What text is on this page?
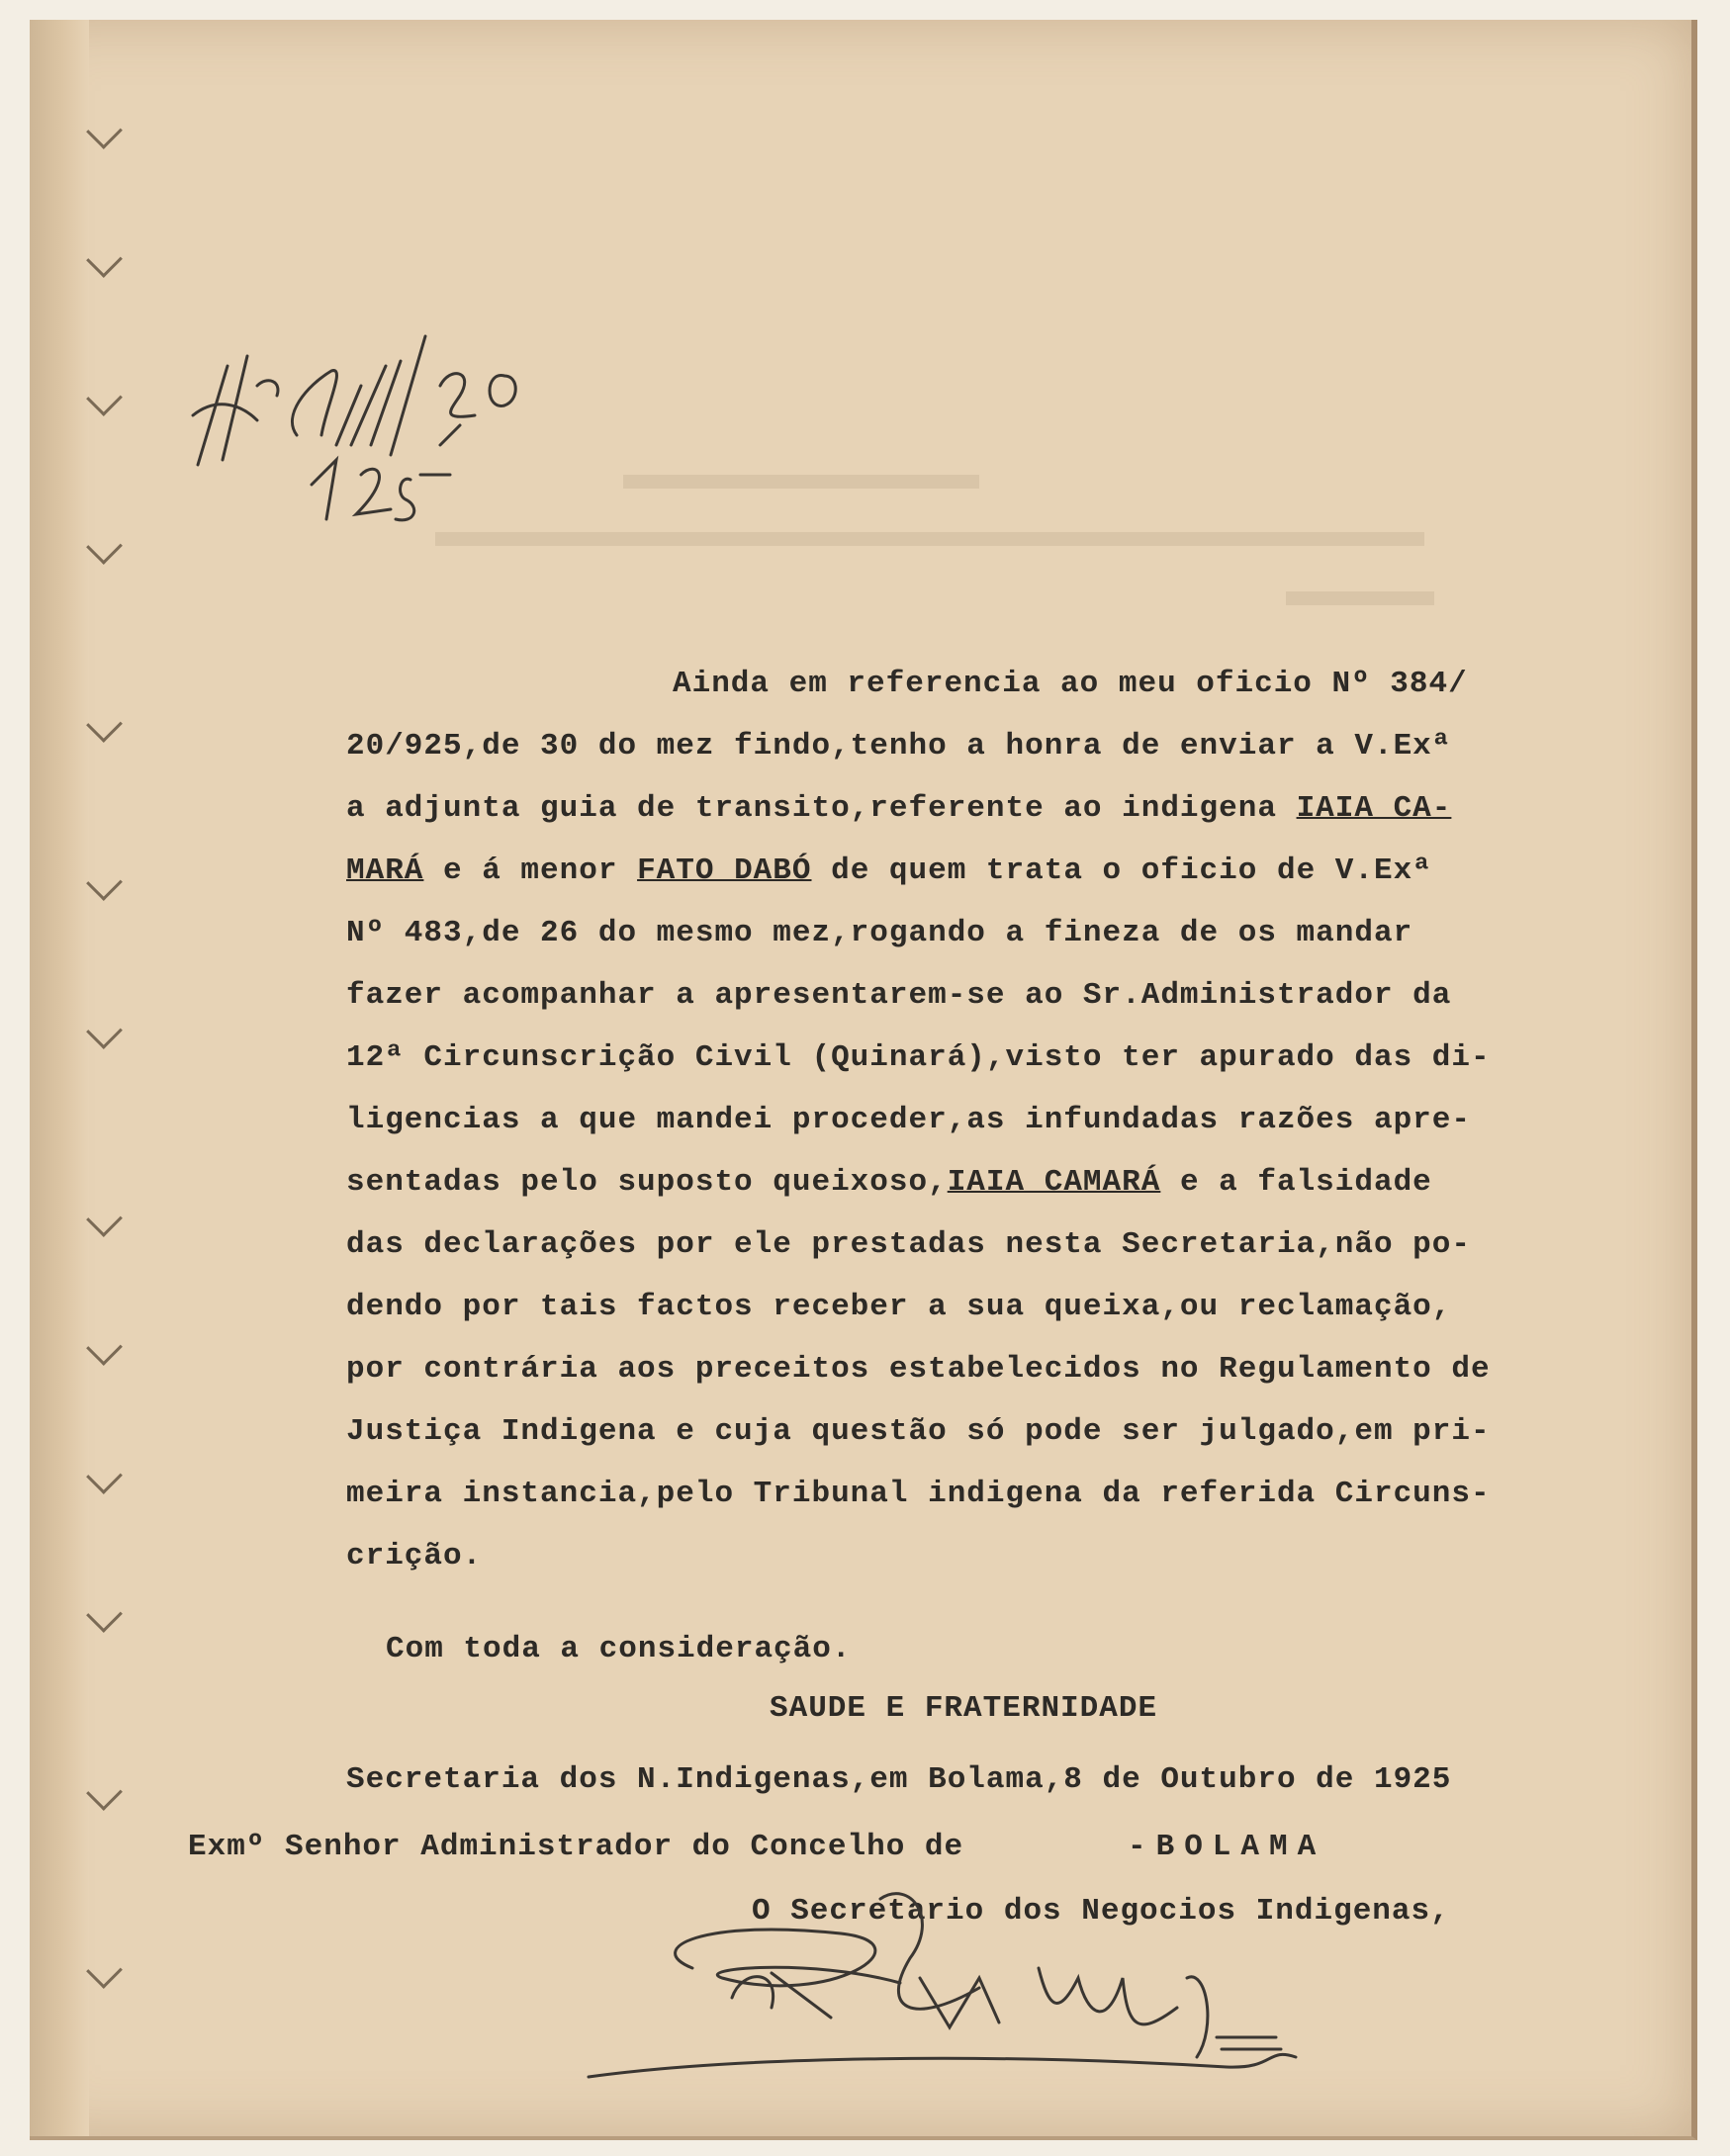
Ainda em referencia ao meu oficio Nº 384/
20/925,de 30 do mez findo,tenho a honra de enviar a V.Exª
a adjunta guia de transito,referente ao indigena IAIA CA-
MARÁ e á menor FATO DABÓ de quem trata o oficio de V.Exª
Nº 483,de 26 do mesmo mez,rogando a fineza de os mandar
fazer acompanhar a apresentarem-se ao Sr.Administrador da
12ª Circunscrição Civil (Quinará),visto ter apurado das di-
ligencias a que mandei proceder,as infundadas razões apre-
sentadas pelo suposto queixoso,IAIA CAMARÁ e a falsidade
das declarações por ele prestadas nesta Secretaria,não po-
dendo por tais factos receber a sua queixa,ou reclamação,
por contrária aos preceitos estabelecidos no Regulamento de
Justiça Indigena e cuja questão só pode ser julgado,em pri-
meira instancia,pelo Tribunal indigena da referida Circuns-
crição.
Com toda a consideração.
SAUDE E FRATERNIDADE
Secretaria dos N.Indigenas,em Bolama,8 de Outubro de 1925
Exmº Senhor Administrador do Concelho de	-BOLAMA
O Secretario dos Negocios Indigenas,
